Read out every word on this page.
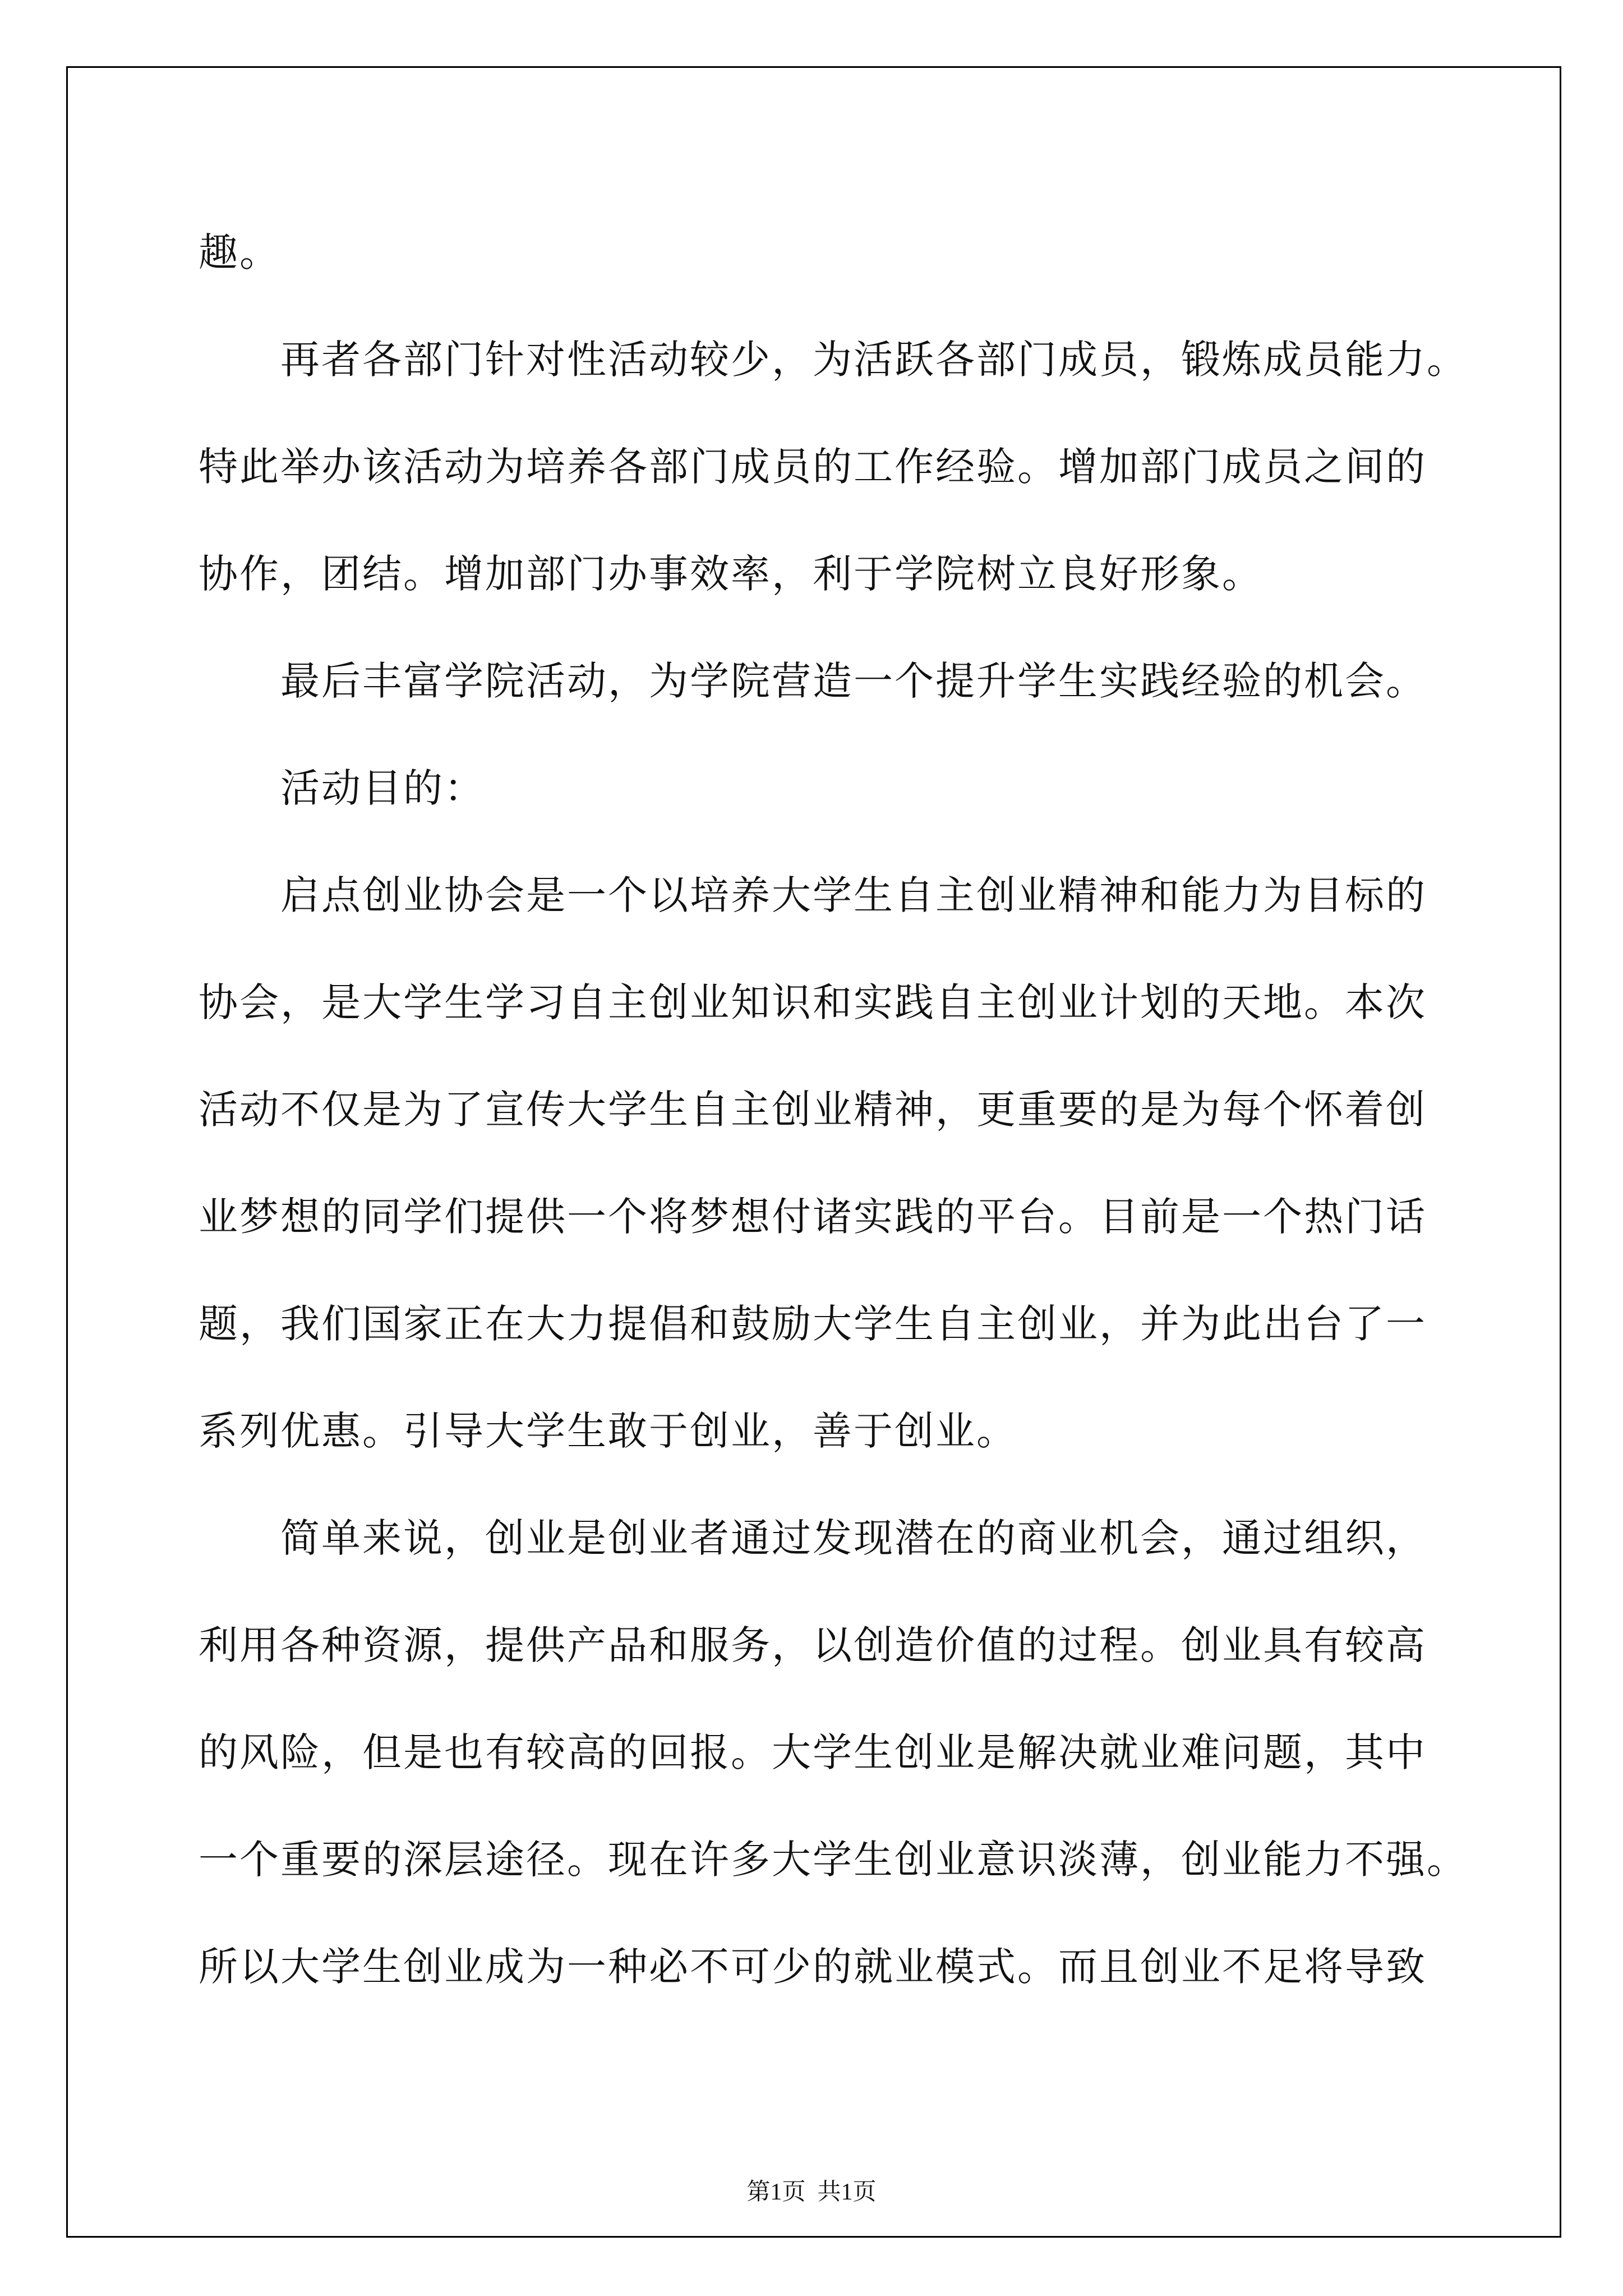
趣。
再者各部门针对性活动较少，为活跃各部门成员，锻炼成员能力。
特此举办该活动为培养各部门成员的工作经验。增加部门成员之间的
协作，团结。增加部门办事效率，利于学院树立良好形象。
最后丰富学院活动，为学院营造一个提升学生实践经验的机会。
活动目的：
启点创业协会是一个以培养大学生自主创业精神和能力为目标的
协会，是大学生学习自主创业知识和实践自主创业计划的天地。本次
活动不仅是为了宣传大学生自主创业精神，更重要的是为每个怀着创
业梦想的同学们提供一个将梦想付诸实践的平台。目前是一个热门话
题，我们国家正在大力提倡和鼓励大学生自主创业，并为此出台了一
系列优惠。引导大学生敢于创业，善于创业。
简单来说，创业是创业者通过发现潜在的商业机会，通过组织，
利用各种资源，提供产品和服务，以创造价值的过程。创业具有较高
的风险，但是也有较高的回报。大学生创业是解决就业难问题，其中
一个重要的深层途径。现在许多大学生创业意识淡薄，创业能力不强。
所以大学生创业成为一种必不可少的就业模式。而且创业不足将导致
第1页  共1页
